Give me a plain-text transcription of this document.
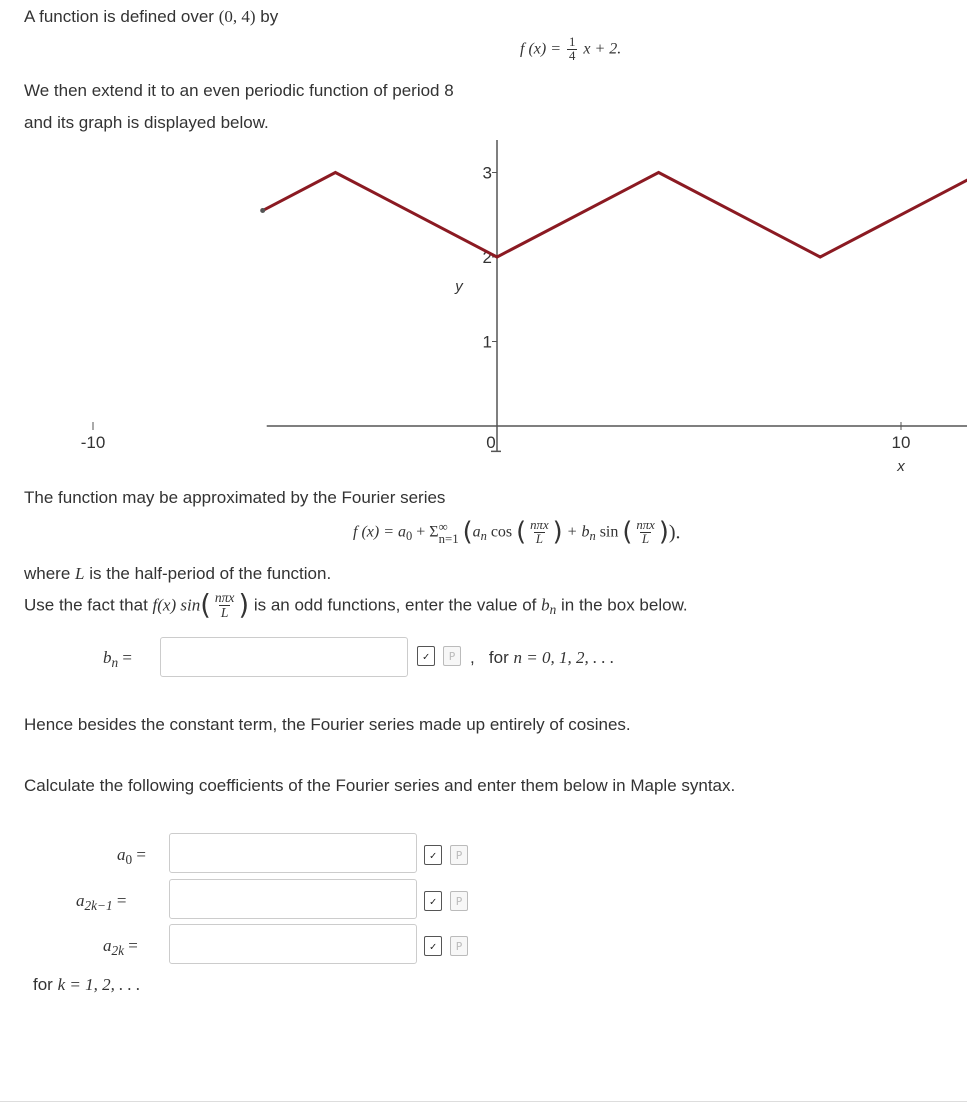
A function is defined over (0, 4) by
f $(x) = \frac{1}{4}$ x + 2.
We then extend it to an even periodic function of period 8
and its graph is displayed below.
x
y
-10	0	10
1
2
3
The function may be approximated by the Fourier series
f $(x) = a_0 + \Sigma$ ∞
n=1 ($a_n$ cos ( $\frac{\text{nπx}}{L}$ ) + $b_n$ sin ( $\frac{\text{nπx}}{L}$ )).
where L is the half-period of the function.
Use the fact that f(x) $\sin( \frac{\text{nπx}}{L}$ ) is an odd functions, enter the value of $b_n$ in the box below.
$b_n$ =	✓	P , for n = 0, 1, 2, . . .
Hence besides the constant term, the Fourier series made up entirely of cosines.
Calculate the following coefficients of the Fourier series and enter them below in Maple syntax.
$a_0$ =	✓	P
$a_{2k-1}$ =	✓	P
$a_{2k}$ =	✓	P
for k = 1, 2, . . .
